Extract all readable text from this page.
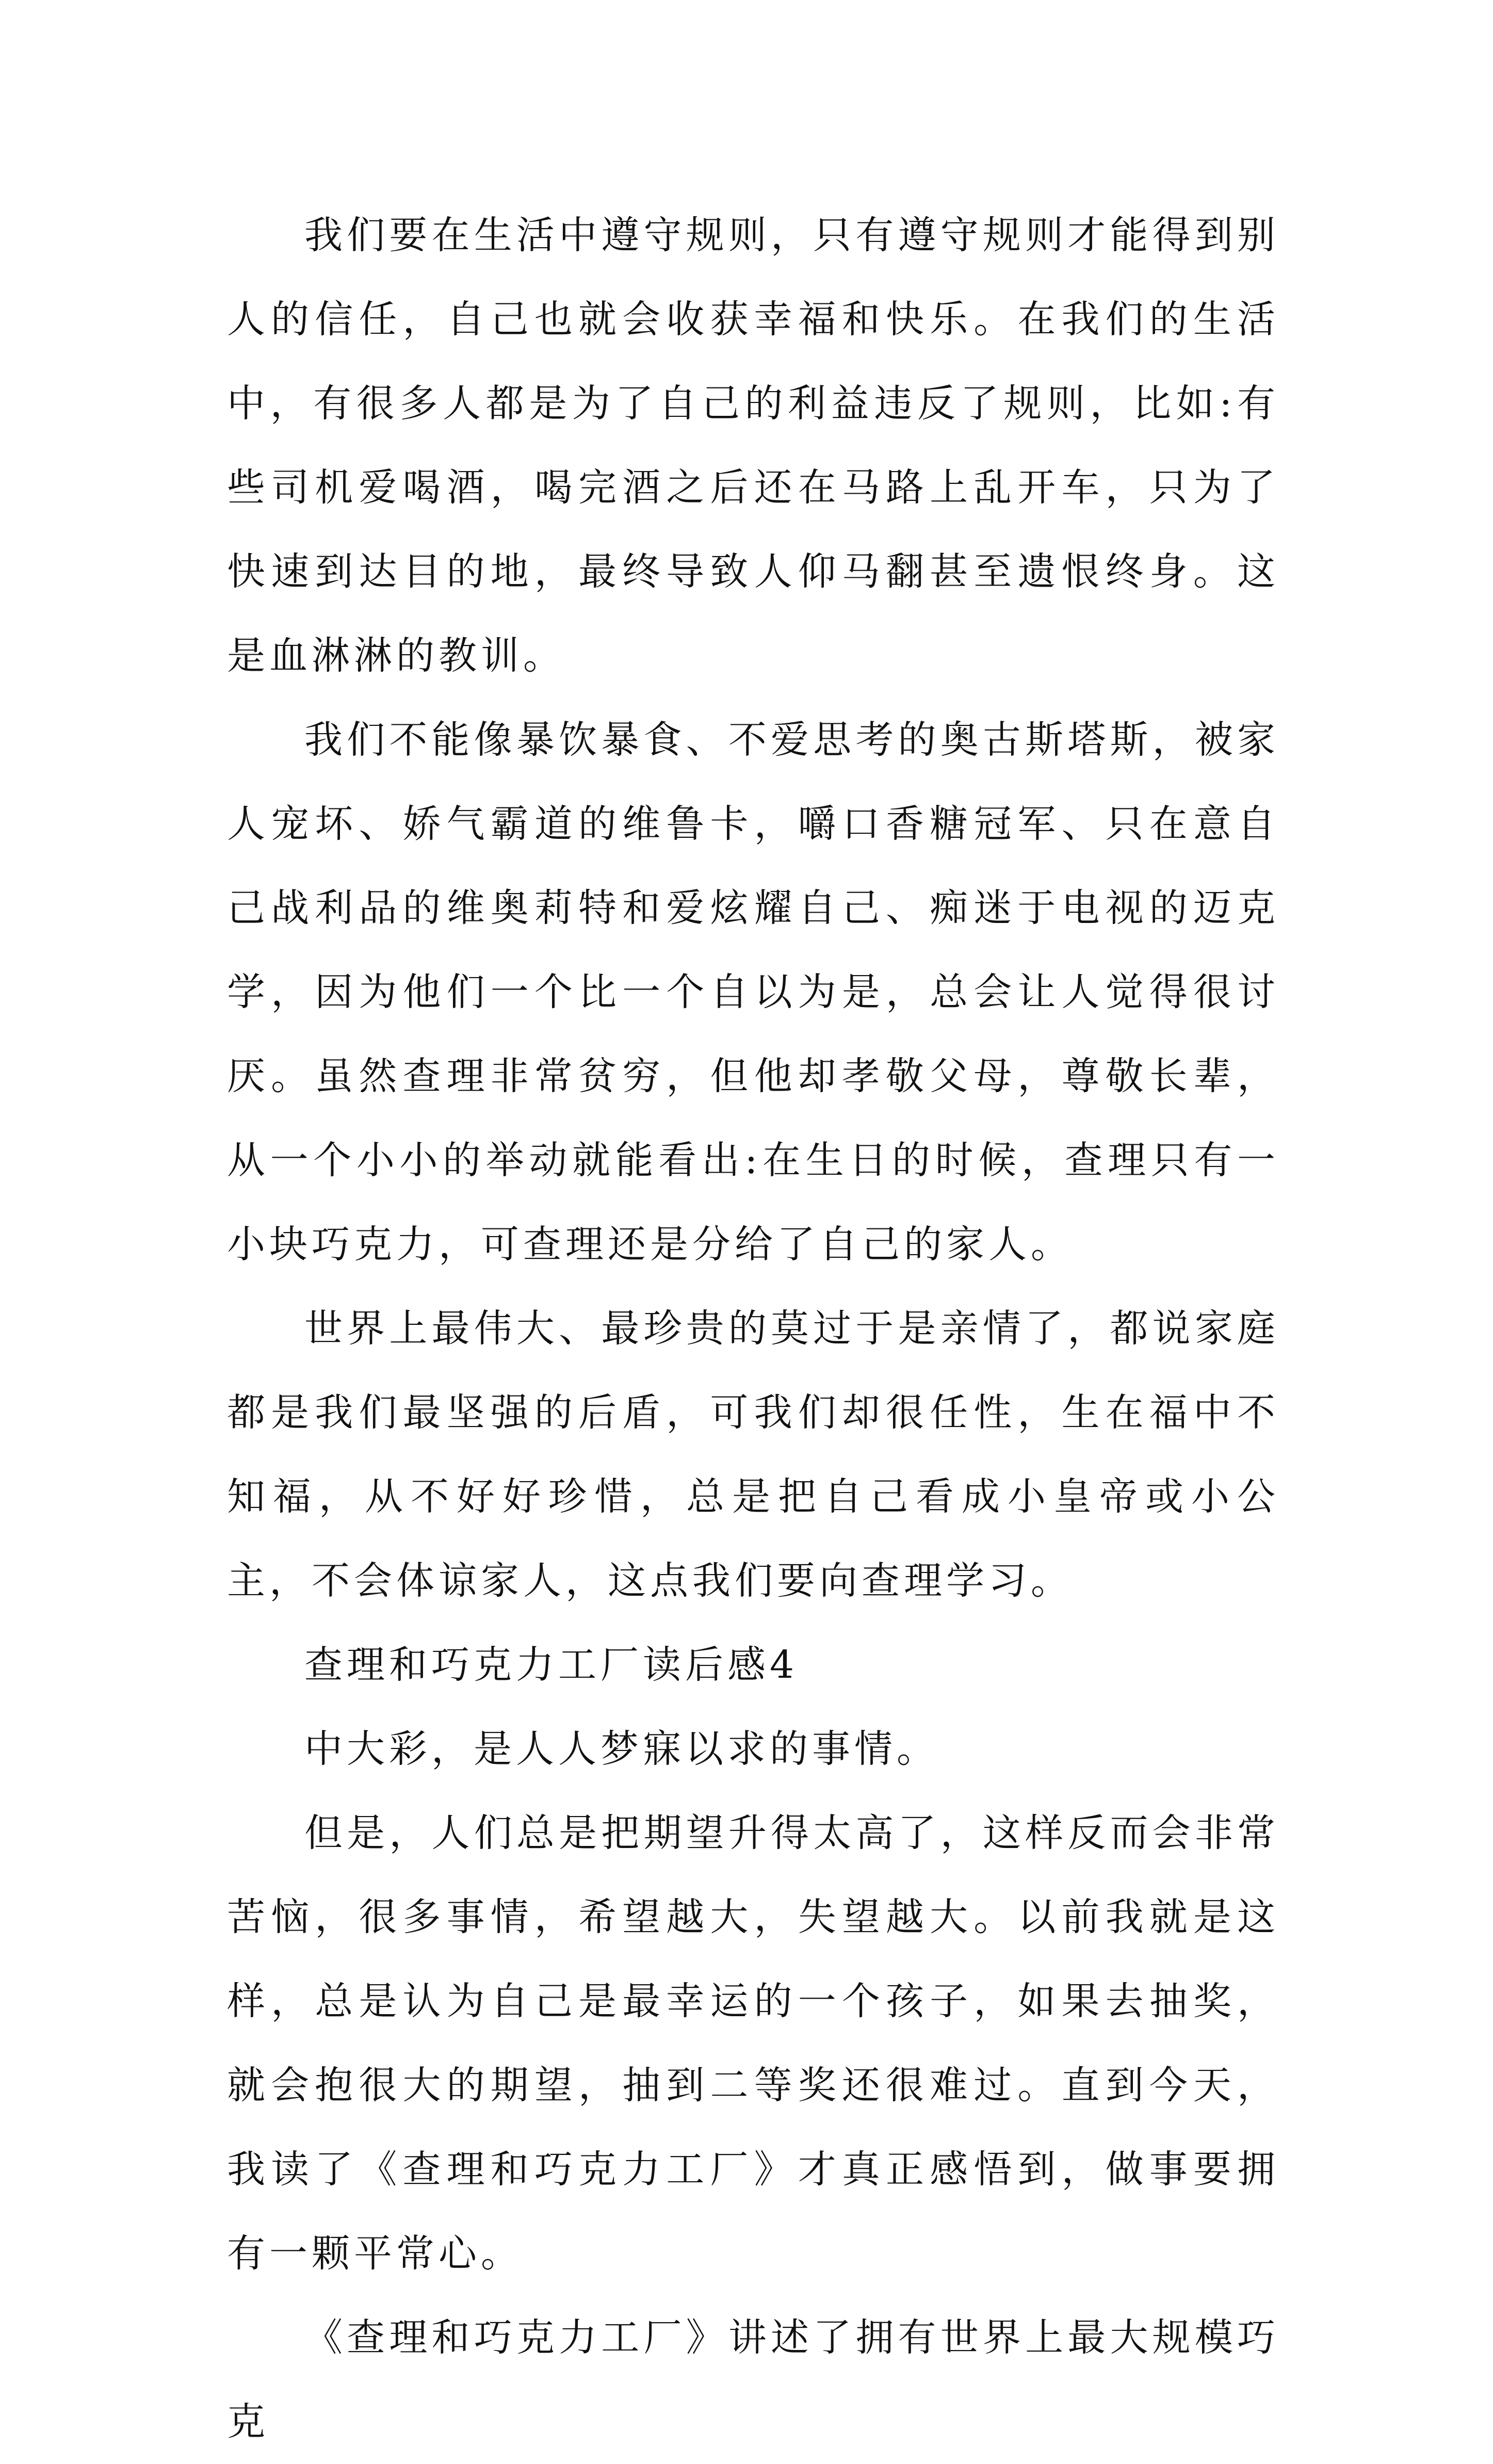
我们要在生活中遵守规则，只有遵守规则才能得到别人的信任，自己也就会收获幸福和快乐。在我们的生活中，有很多人都是为了自己的利益违反了规则，比如:有些司机爱喝酒，喝完酒之后还在马路上乱开车，只为了快速到达目的地，最终导致人仰马翻甚至遗恨终身。这是血淋淋的教训。

我们不能像暴饮暴食、不爱思考的奥古斯塔斯，被家人宠坏、娇气霸道的维鲁卡，嚼口香糖冠军、只在意自己战利品的维奥莉特和爱炫耀自己、痴迷于电视的迈克学，因为他们一个比一个自以为是，总会让人觉得很讨厌。虽然查理非常贫穷，但他却孝敬父母，尊敬长辈，从一个小小的举动就能看出:在生日的时候，查理只有一小块巧克力，可查理还是分给了自己的家人。

世界上最伟大、最珍贵的莫过于是亲情了，都说家庭都是我们最坚强的后盾，可我们却很任性，生在福中不知福，从不好好珍惜，总是把自己看成小皇帝或小公主，不会体谅家人，这点我们要向查理学习。

查理和巧克力工厂读后感4

中大彩，是人人梦寐以求的事情。

但是，人们总是把期望升得太高了，这样反而会非常苦恼，很多事情，希望越大，失望越大。以前我就是这样，总是认为自己是最幸运的一个孩子，如果去抽奖，就会抱很大的期望，抽到二等奖还很难过。直到今天，我读了《查理和巧克力工厂》才真正感悟到，做事要拥有一颗平常心。

《查理和巧克力工厂》讲述了拥有世界上最大规模巧克
